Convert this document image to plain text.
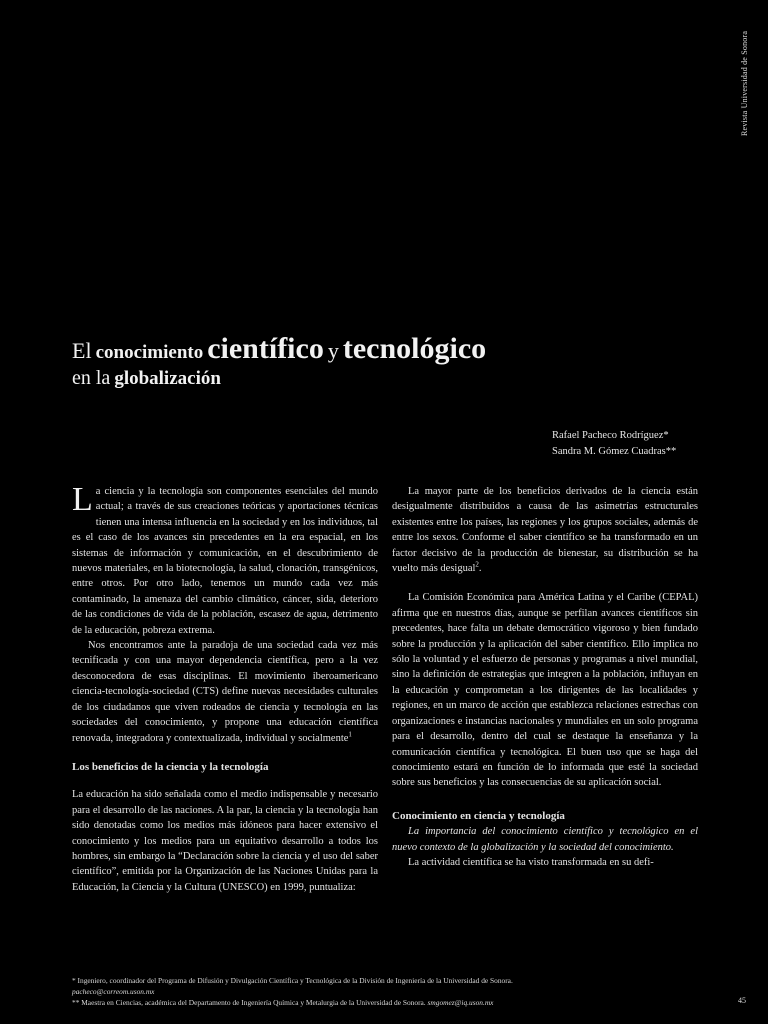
Revista Universidad de Sonora
El conocimiento científico y tecnológico
en la globalización
Rafael Pacheco Rodríguez*
Sandra M. Gómez Cuadras**

La ciencia y la tecnología son componentes esenciales del mundo actual; a través de sus creaciones teóricas y aportaciones técnicas tienen una intensa influencia en la sociedad y en los individuos, tal es el caso de los avances sin precedentes en la era espacial, en los sistemas de información y comunicación, en el descubrimiento de nuevos materiales, en la biotecnología, la salud, clonación, transgénicos, entre otros. Por otro lado, tenemos un mundo cada vez más contaminado, la amenaza del cambio climático, cáncer, sida, deterioro de las condiciones de vida de la población, escasez de agua, detrimento de la educación, pobreza extrema.

Nos encontramos ante la paradoja de una sociedad cada vez más tecnificada y con una mayor dependencia científica, pero a la vez desconocedora de esas disciplinas. El movimiento iberoamericano ciencia-tecnología-sociedad (CTS) define nuevas necesidades culturales de los ciudadanos que viven rodeados de ciencia y tecnología en las sociedades del conocimiento, y propone una educación científica renovada, integradora y contextualizada, individual y socialmente$^1$

Los beneficios de la ciencia y la tecnología

La educación ha sido señalada como el medio indispensable y necesario para el desarrollo de las naciones. A la par, la ciencia y la tecnología han sido denotadas como los medios más idóneos para hacer extensivo el conocimiento y los medios para un equitativo desarrollo a todos los hombres, sin embargo la “Declaración sobre la ciencia y el uso del saber científico”, emitida por la Organización de las Naciones Unidas para la Educación, la Ciencia y la Cultura (UNESCO) en 1999, puntualiza:

La mayor parte de los beneficios derivados de la ciencia están desigualmente distribuidos a causa de las asimetrías estructurales existentes entre los países, las regiones y los grupos sociales, además de entre los sexos. Conforme el saber científico se ha transformado en un factor decisivo de la producción de bienestar, su distribución se ha vuelto más desigual$^2$.

La Comisión Económica para América Latina y el Caribe (CEPAL) afirma que en nuestros días, aunque se perfilan avances científicos sin precedentes, hace falta un debate democrático vigoroso y bien fundado sobre la producción y la aplicación del saber científico. Ello implica no sólo la voluntad y el esfuerzo de personas y programas a nivel mundial, sino la definición de estrategias que integren a la población, influyan en la educación y comprometan a los dirigentes de las localidades y regiones, en un marco de acción que establezca relaciones estrechas con organizaciones e instancias nacionales y mundiales en un solo programa para el desarrollo, dentro del cual se destaque la enseñanza y la comunicación científica y tecnológica. El buen uso que se haga del conocimiento estará en función de lo informada que esté la sociedad sobre sus beneficios y las consecuencias de su aplicación social.

Conocimiento en ciencia y tecnología

La importancia del conocimiento científico y tecnológico en el nuevo contexto de la globalización y la sociedad del conocimiento.

La actividad científica se ha visto transformada en su defi-

* Ingeniero, coordinador del Programa de Difusión y Divulgación Científica y Tecnológica de la División de Ingeniería de la Universidad de Sonora.
pacheco@correom.uson.mx
** Maestra en Ciencias, académica del Departamento de Ingeniería Química y Metalurgia de la Universidad de Sonora. smgomez@iq.uson.mx	45
